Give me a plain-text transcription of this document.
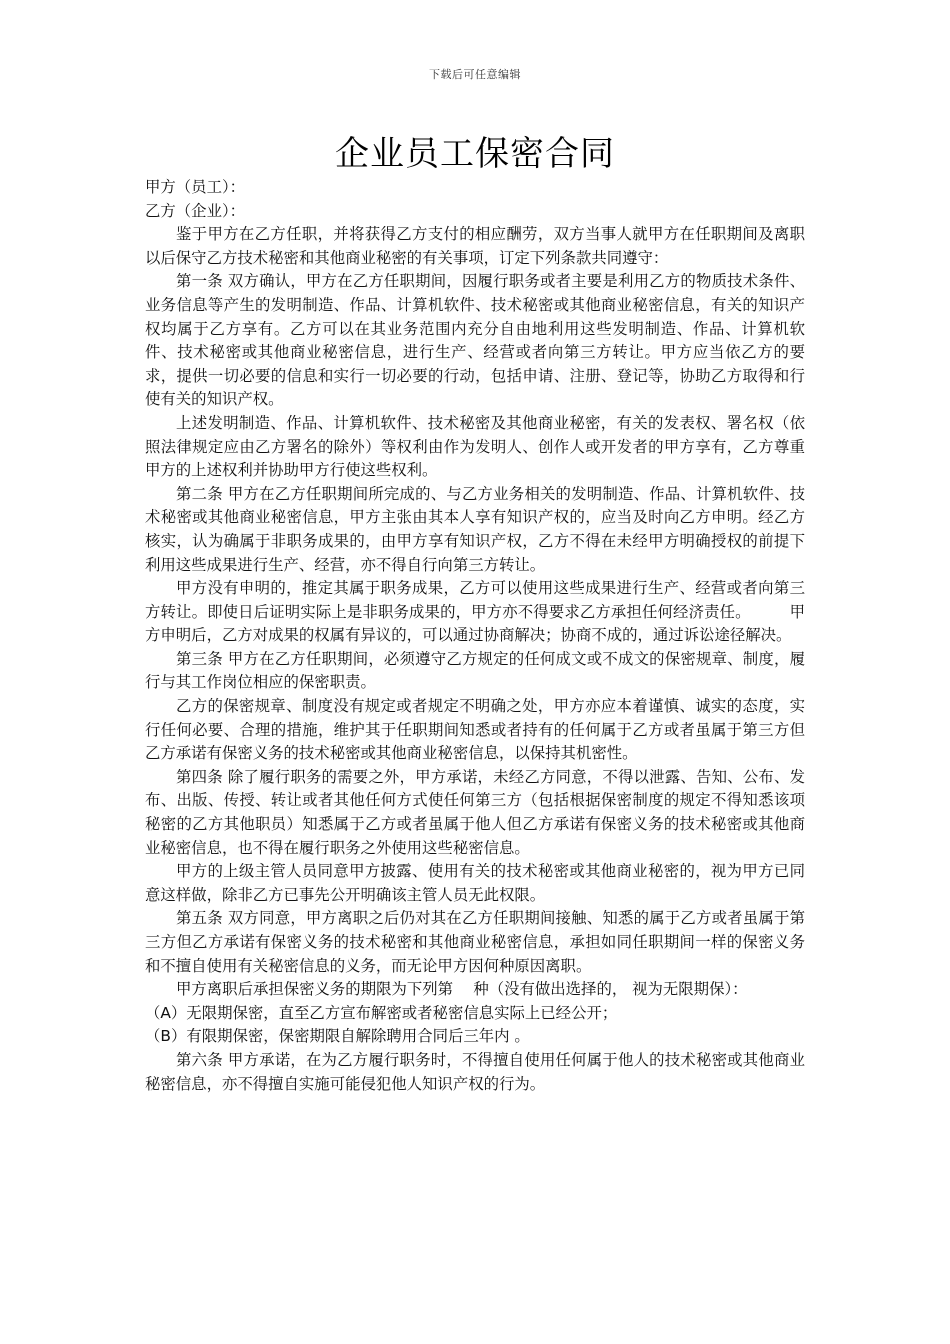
下载后可任意编辑
企业员工保密合同

甲方（员工）：

乙方（企业）：

鉴于甲方在乙方任职，并将获得乙方支付的相应酬劳，双方当事人就甲方在任职期间及离职以后保守乙方技术秘密和其他商业秘密的有关事项，订定下列条款共同遵守：

第一条 双方确认，甲方在乙方任职期间，因履行职务或者主要是利用乙方的物质技术条件、业务信息等产生的发明制造、作品、计算机软件、技术秘密或其他商业秘密信息，有关的知识产权均属于乙方享有。乙方可以在其业务范围内充分自由地利用这些发明制造、作品、计算机软件、技术秘密或其他商业秘密信息，进行生产、经营或者向第三方转让。甲方应当依乙方的要求，提供一切必要的信息和实行一切必要的行动，包括申请、注册、登记等，协助乙方取得和行使有关的知识产权。

上述发明制造、作品、计算机软件、技术秘密及其他商业秘密，有关的发表权、署名权（依照法律规定应由乙方署名的除外）等权利由作为发明人、创作人或开发者的甲方享有，乙方尊重甲方的上述权利并协助甲方行使这些权利。

第二条 甲方在乙方任职期间所完成的、与乙方业务相关的发明制造、作品、计算机软件、技术秘密或其他商业秘密信息，甲方主张由其本人享有知识产权的，应当及时向乙方申明。经乙方核实，认为确属于非职务成果的，由甲方享有知识产权，乙方不得在未经甲方明确授权的前提下利用这些成果进行生产、经营，亦不得自行向第三方转让。

甲方没有申明的，推定其属于职务成果，乙方可以使用这些成果进行生产、经营或者向第三方转让。即使日后证明实际上是非职务成果的，甲方亦不得要求乙方承担任何经济责任。　　　甲方申明后，乙方对成果的权属有异议的，可以通过协商解决；协商不成的，通过诉讼途径解决。

第三条 甲方在乙方任职期间，必须遵守乙方规定的任何成文或不成文的保密规章、制度，履行与其工作岗位相应的保密职责。

乙方的保密规章、制度没有规定或者规定不明确之处，甲方亦应本着谨慎、诚实的态度，实行任何必要、合理的措施，维护其于任职期间知悉或者持有的任何属于乙方或者虽属于第三方但乙方承诺有保密义务的技术秘密或其他商业秘密信息，以保持其机密性。

第四条 除了履行职务的需要之外，甲方承诺，未经乙方同意，不得以泄露、告知、公布、发布、出版、传授、转让或者其他任何方式使任何第三方（包括根据保密制度的规定不得知悉该项秘密的乙方其他职员）知悉属于乙方或者虽属于他人但乙方承诺有保密义务的技术秘密或其他商业秘密信息，也不得在履行职务之外使用这些秘密信息。

甲方的上级主管人员同意甲方披露、使用有关的技术秘密或其他商业秘密的，视为甲方已同意这样做，除非乙方已事先公开明确该主管人员无此权限。

第五条 双方同意，甲方离职之后仍对其在乙方任职期间接触、知悉的属于乙方或者虽属于第三方但乙方承诺有保密义务的技术秘密和其他商业秘密信息，承担如同任职期间一样的保密义务和不擅自使用有关秘密信息的义务，而无论甲方因何种原因离职。

甲方离职后承担保密义务的期限为下列第　 种（没有做出选择的， 视为无限期保）：

（A）无限期保密，直至乙方宣布解密或者秘密信息实际上已经公开；

（B）有限期保密，保密期限自解除聘用合同后三年内 。

第六条 甲方承诺，在为乙方履行职务时，不得擅自使用任何属于他人的技术秘密或其他商业秘密信息，亦不得擅自实施可能侵犯他人知识产权的行为。
